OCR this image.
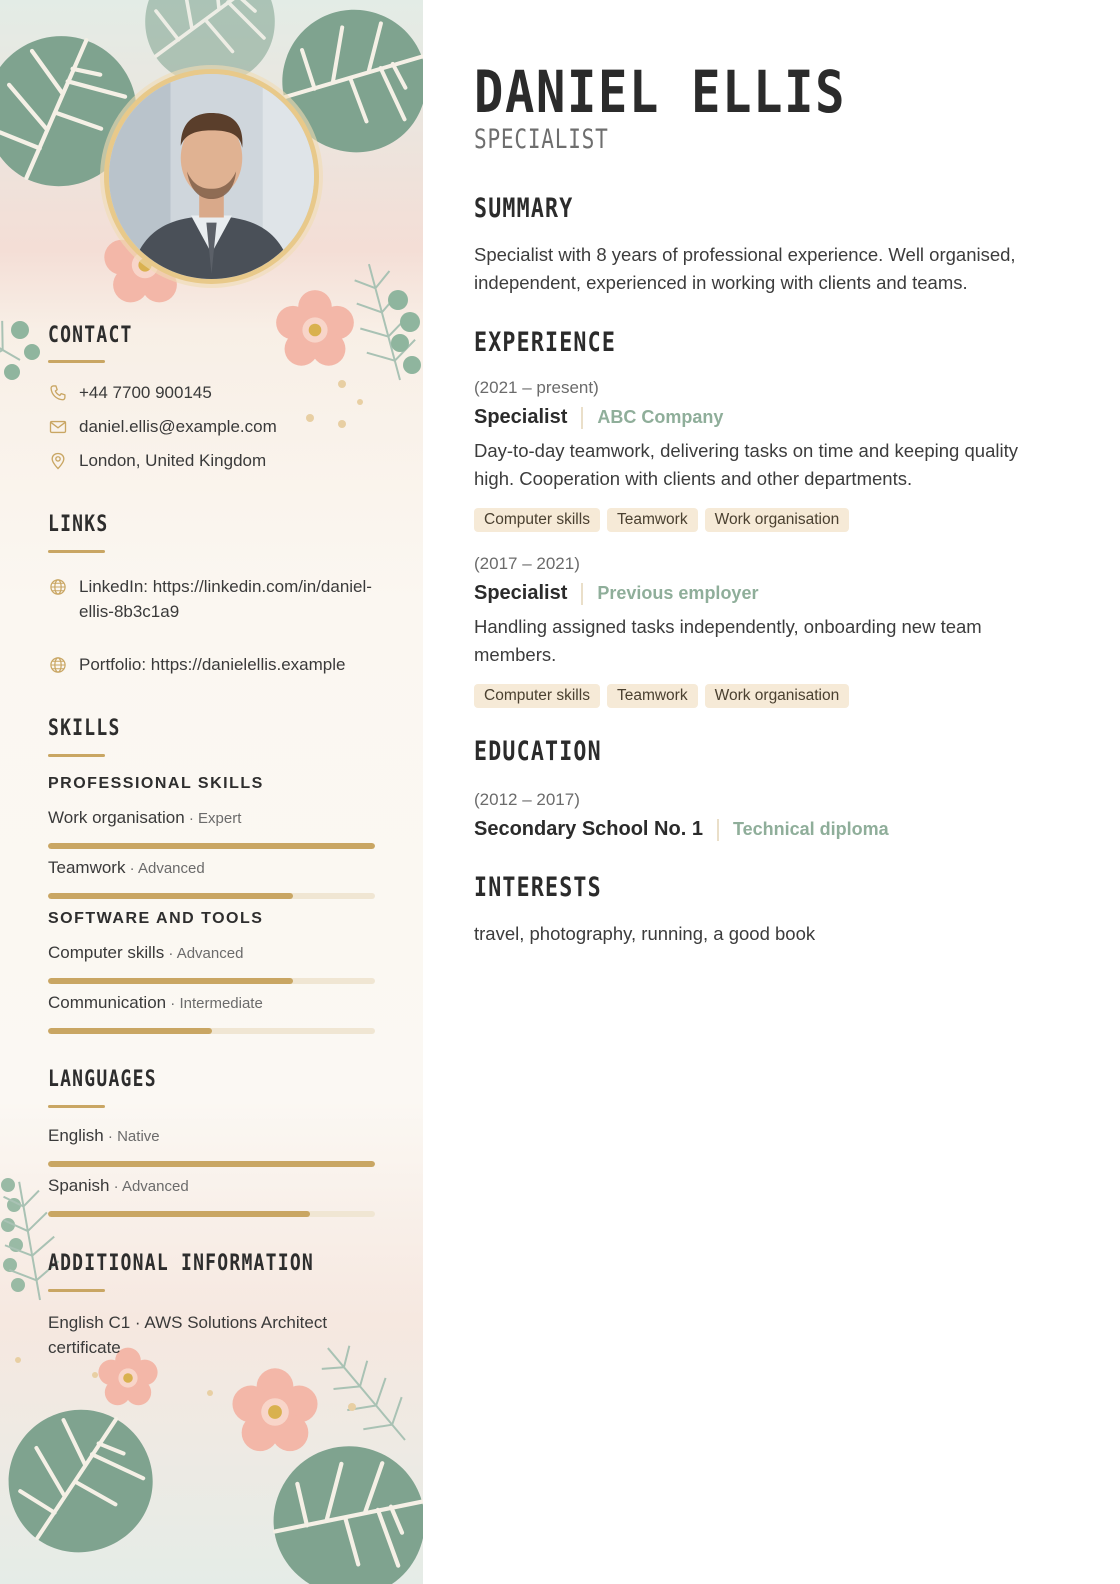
CONTACT
+44 7700 900145
daniel.ellis@example.com
London, United Kingdom
LINKS
LinkedIn: https://linkedin.com/in/daniel-ellis-8b3c1a9
Portfolio: https://danielellis.example
SKILLS
PROFESSIONAL SKILLS
Work organisation · Expert
Teamwork · Advanced
SOFTWARE AND TOOLS
Computer skills · Advanced
Communication · Intermediate
LANGUAGES
English · Native
Spanish · Advanced
ADDITIONAL INFORMATION
English C1 · AWS Solutions Architect certificate
DANIEL ELLIS
SPECIALIST
SUMMARY
Specialist with 8 years of professional experience. Well organised, independent, experienced in working with clients and teams.
EXPERIENCE
(2021 – present)
Specialist ABC Company
Day-to-day teamwork, delivering tasks on time and keeping quality high. Cooperation with clients and other departments.
Computer skills	Teamwork	Work organisation
(2017 – 2021)
Specialist Previous employer
Handling assigned tasks independently, onboarding new team members.
Computer skills	Teamwork	Work organisation
EDUCATION
(2012 – 2017)
Secondary School No. 1 Technical diploma
INTERESTS
travel, photography, running, a good book
